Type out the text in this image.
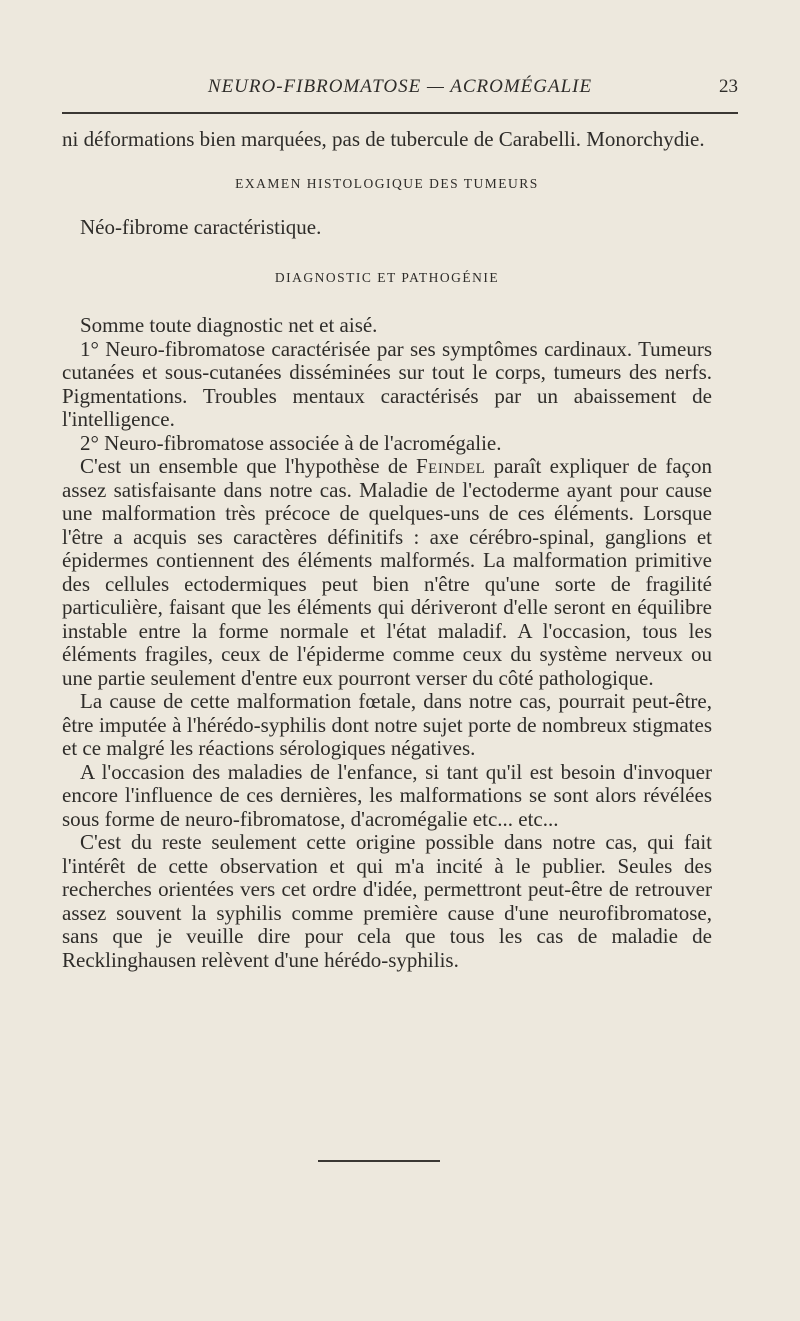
NEURO-FIBROMATOSE — ACROMÉGALIE	23

ni déformations bien marquées, pas de tubercule de Carabelli. Monorchydie.

EXAMEN HISTOLOGIQUE DES TUMEURS

Néo-fibrome caractéristique.

DIAGNOSTIC ET PATHOGÉNIE

Somme toute diagnostic net et aisé.

1° Neuro-fibromatose caractérisée par ses symptômes cardinaux. Tumeurs cutanées et sous-cutanées disséminées sur tout le corps, tumeurs des nerfs. Pigmentations. Troubles mentaux caractérisés par un abaissement de l'intelligence.

2° Neuro-fibromatose associée à de l'acromégalie.

C'est un ensemble que l'hypothèse de Feindel paraît expliquer de façon assez satisfaisante dans notre cas. Maladie de l'ectoderme ayant pour cause une malformation très précoce de quelques-uns de ces éléments. Lorsque l'être a acquis ses caractères définitifs : axe cérébro-spinal, ganglions et épidermes contiennent des éléments malformés. La malformation primitive des cellules ectodermiques peut bien n'être qu'une sorte de fragilité particulière, faisant que les éléments qui dériveront d'elle seront en équilibre instable entre la forme normale et l'état maladif. A l'occasion, tous les éléments fragiles, ceux de l'épiderme comme ceux du système nerveux ou une partie seulement d'entre eux pourront verser du côté pathologique.

La cause de cette malformation fœtale, dans notre cas, pourrait peut-être, être imputée à l'hérédo-syphilis dont notre sujet porte de nombreux stigmates et ce malgré les réactions sérologiques négatives.

A l'occasion des maladies de l'enfance, si tant qu'il est besoin d'invoquer encore l'influence de ces dernières, les malformations se sont alors révélées sous forme de neuro-fibromatose, d'acromégalie etc... etc...

C'est du reste seulement cette origine possible dans notre cas, qui fait l'intérêt de cette observation et qui m'a incité à le publier. Seules des recherches orientées vers cet ordre d'idée, permettront peut-être de retrouver assez souvent la syphilis comme première cause d'une neurofibromatose, sans que je veuille dire pour cela que tous les cas de maladie de Recklinghausen relèvent d'une hérédo-syphilis.
